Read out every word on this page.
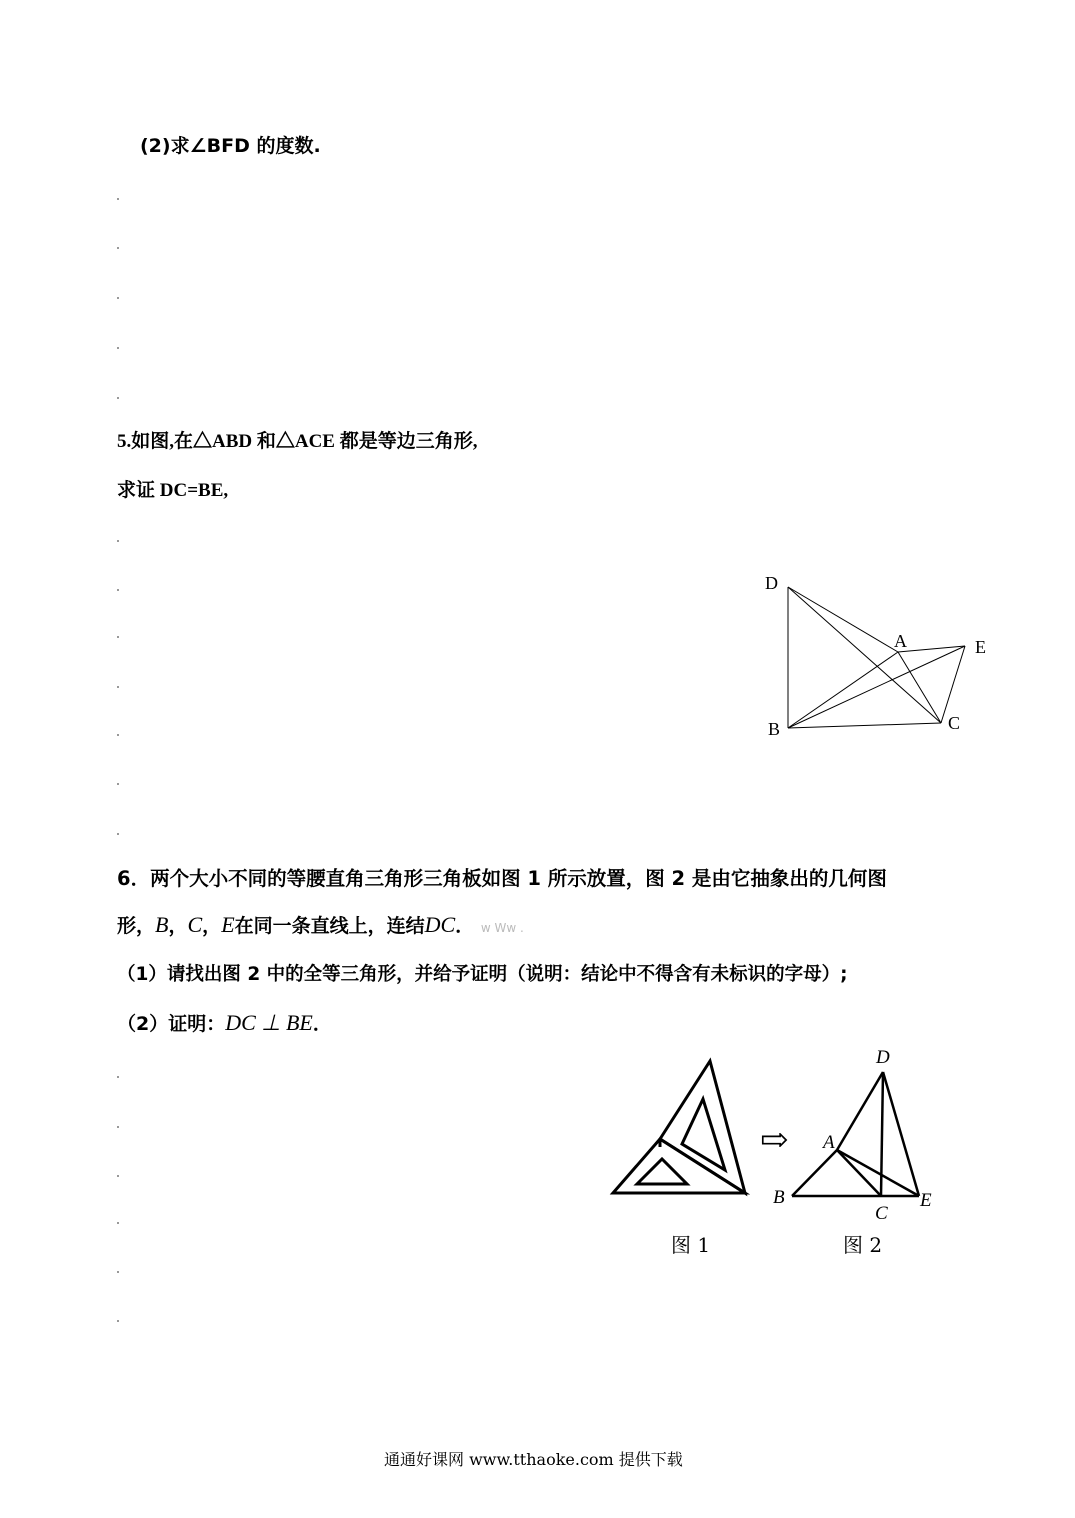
(2)求∠BFD 的度数.
5.如图,在△ABD 和△ACE 都是等边三角形,
求证 DC=BE,
D
A	E
B	C
6．两个大小不同的等腰直角三角形三角板如图 1 所示放置，图 2 是由它抽象出的几何图
形，B，C，E在同一条直线上，连结DC． w Ww .
（1）请找出图 2 中的全等三角形，并给予证明（说明：结论中不得含有未标识的字母）;
（2）证明：DC ⊥ BE．
⇨
D
A
B
C
E
图 1	图 2
通通好课网 www.tthaoke.com 提供下载
